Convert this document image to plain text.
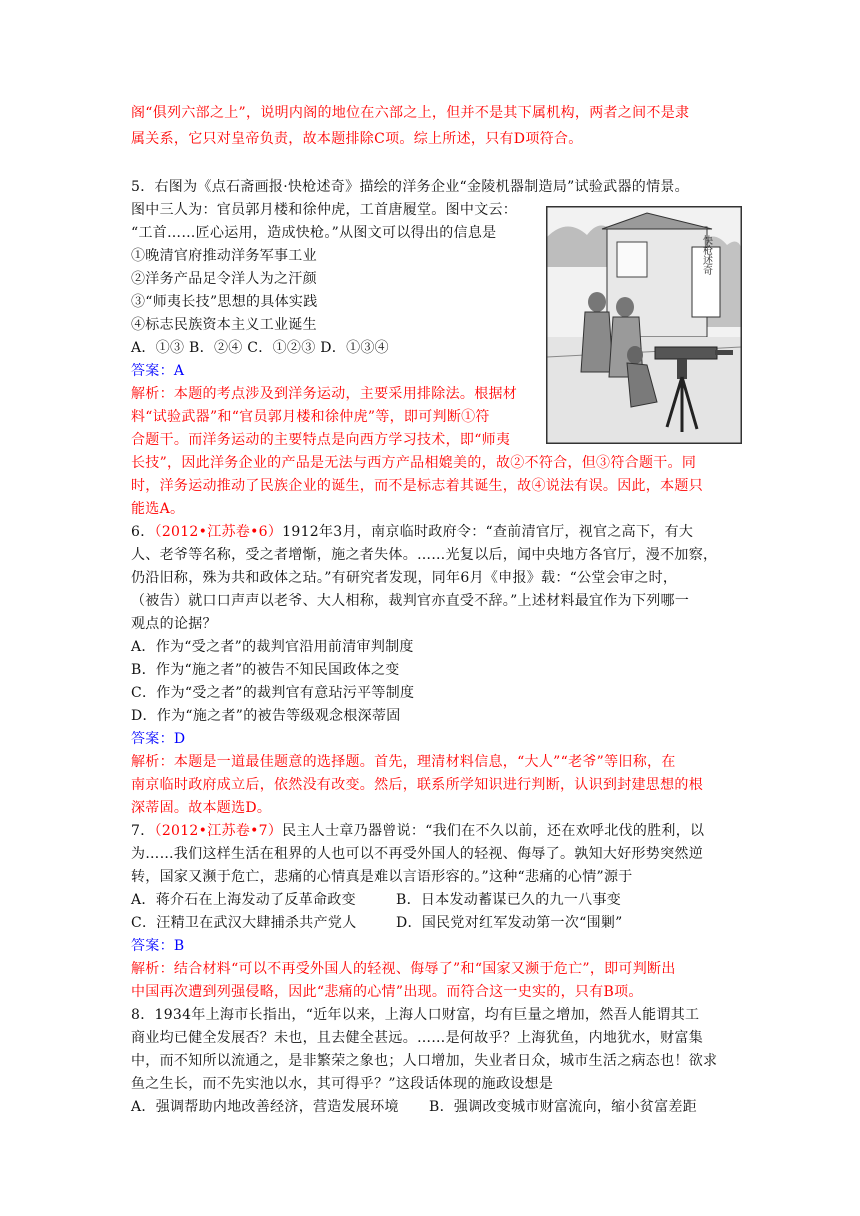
阁“俱列六部之上”，说明内阁的地位在六部之上，但并不是其下属机构，两者之间不是隶
属关系，它只对皇帝负责，故本题排除C项。综上所述，只有D项符合。
5．右图为《点石斋画报·快枪述奇》描绘的洋务企业“金陵机器制造局”试验武器的情景。
图中三人为：官员郭月楼和徐仲虎，工首唐履堂。图中文云：
“工首……匠心运用，造成快枪。”从图文可以得出的信息是
①晚清官府推动洋务军事工业
②洋务产品足令洋人为之汗颜
③“师夷长技”思想的具体实践
④标志民族资本主义工业诞生
A．①③ B．②④ C．①②③ D．①③④
答案：A
解析：本题的考点涉及到洋务运动，主要采用排除法。根据材
料“试验武器”和“官员郭月楼和徐仲虎”等，即可判断①符
合题干。而洋务运动的主要特点是向西方学习技术，即“师夷
长技”，因此洋务企业的产品是无法与西方产品相媲美的，故②不符合，但③符合题干。同
时，洋务运动推动了民族企业的诞生，而不是标志着其诞生，故④说法有误。因此，本题只
能选A。
快枪述奇
6．（2012•江苏卷•6）1912年3月，南京临时政府令：“查前清官厅，视官之高下，有大
人、老爷等名称，受之者增惭，施之者失体。……光复以后，闻中央地方各官厅，漫不加察，
仍沿旧称，殊为共和政体之玷。”有研究者发现，同年6月《申报》载：“公堂会审之时，
（被告）就口口声声以老爷、大人相称，裁判官亦直受不辞。”上述材料最宜作为下列哪一
观点的论据？
A．作为“受之者”的裁判官沿用前清审判制度
B．作为“施之者”的被告不知民国政体之变
C．作为“受之者”的裁判官有意玷污平等制度
D．作为“施之者”的被告等级观念根深蒂固
答案：D
解析：本题是一道最佳题意的选择题。首先，理清材料信息，“大人”“老爷”等旧称，在
南京临时政府成立后，依然没有改变。然后，联系所学知识进行判断，认识到封建思想的根
深蒂固。故本题选D。
7．（2012•江苏卷•7）民主人士章乃器曾说：“我们在不久以前，还在欢呼北伐的胜利，以
为……我们这样生活在租界的人也可以不再受外国人的轻视、侮辱了。孰知大好形势突然逆
转，国家又濒于危亡，悲痛的心情真是难以言语形容的。”这种“悲痛的心情”源于
A．蒋介石在上海发动了反革命政变	B．日本发动蓄谋已久的九一八事变
C．汪精卫在武汉大肆捕杀共产党人	D．国民党对红军发动第一次“围剿”
答案：B
解析：结合材料“可以不再受外国人的轻视、侮辱了”和“国家又濒于危亡”，即可判断出
中国再次遭到列强侵略，因此“悲痛的心情”出现。而符合这一史实的，只有B项。
8．1934年上海市长指出，“近年以来，上海人口财富，均有巨量之增加，然吾人能谓其工
商业均已健全发展否？未也，且去健全甚远。……是何故乎？上海犹鱼，内地犹水，财富集
中，而不知所以流通之，是非繁荣之象也；人口增加，失业者日众，城市生活之病态也！欲求
鱼之生长，而不先实池以水，其可得乎？”这段话体现的施政设想是
A．强调帮助内地改善经济，营造发展环境 B．强调改变城市财富流向，缩小贫富差距
